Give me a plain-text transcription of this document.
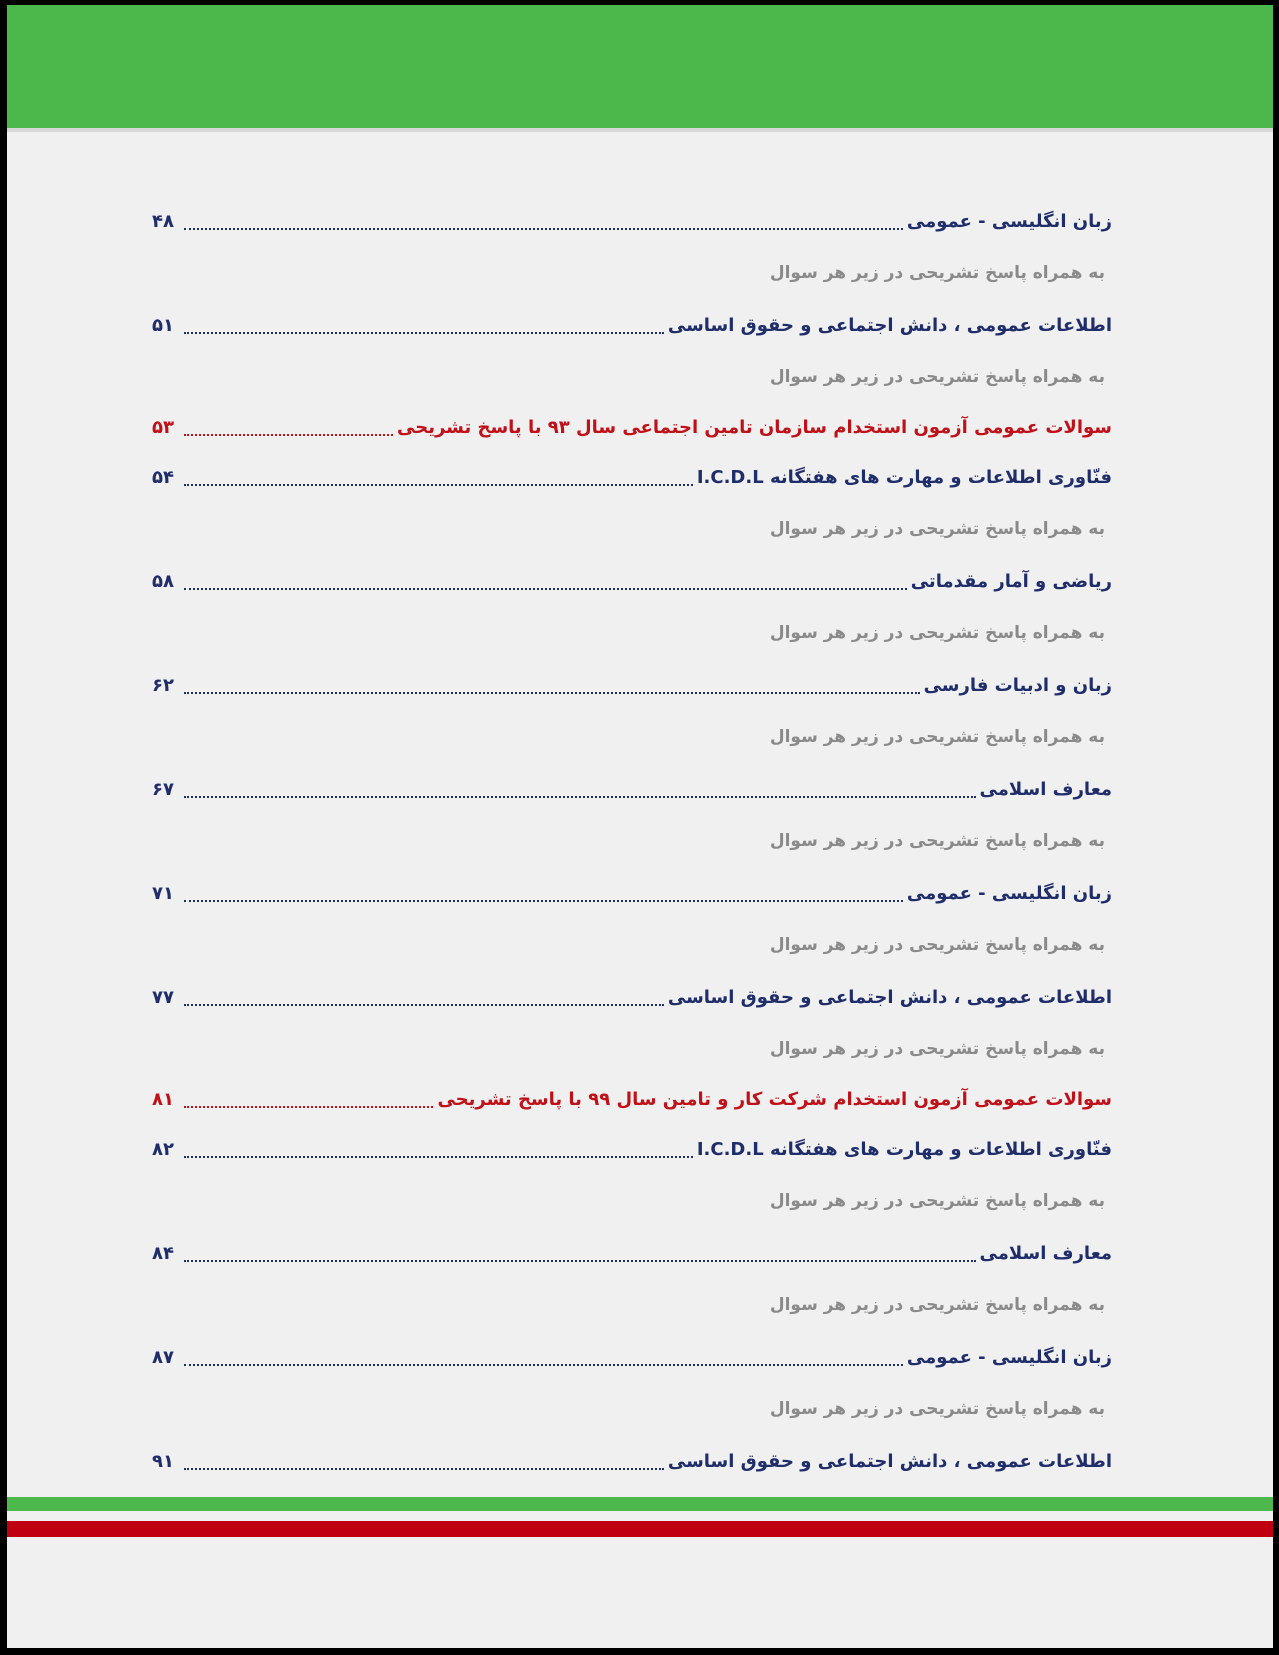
زبان انگلیسی - عمومی
۴۸
به همراه پاسخ تشریحی در زیر هر سوال
اطلاعات عمومی ، دانش اجتماعی و حقوق اساسی
۵۱
به همراه پاسخ تشریحی در زیر هر سوال
سوالات عمومی آزمون استخدام سازمان تامین اجتماعی سال ۹۳ با پاسخ تشریحی
۵۳
فنّاوری اطلاعات و مهارت های هفتگانه I.C.D.L
۵۴
به همراه پاسخ تشریحی در زیر هر سوال
ریاضی و آمار مقدماتی
۵۸
به همراه پاسخ تشریحی در زیر هر سوال
زبان و ادبیات فارسی
۶۲
به همراه پاسخ تشریحی در زیر هر سوال
معارف اسلامی
۶۷
به همراه پاسخ تشریحی در زیر هر سوال
زبان انگلیسی - عمومی
۷۱
به همراه پاسخ تشریحی در زیر هر سوال
اطلاعات عمومی ، دانش اجتماعی و حقوق اساسی
۷۷
به همراه پاسخ تشریحی در زیر هر سوال
سوالات عمومی آزمون استخدام شرکت کار و تامین سال ۹۹ با پاسخ تشریحی
۸۱
فنّاوری اطلاعات و مهارت های هفتگانه I.C.D.L
۸۲
به همراه پاسخ تشریحی در زیر هر سوال
معارف اسلامی
۸۴
به همراه پاسخ تشریحی در زیر هر سوال
زبان انگلیسی - عمومی
۸۷
به همراه پاسخ تشریحی در زیر هر سوال
اطلاعات عمومی ، دانش اجتماعی و حقوق اساسی
۹۱
